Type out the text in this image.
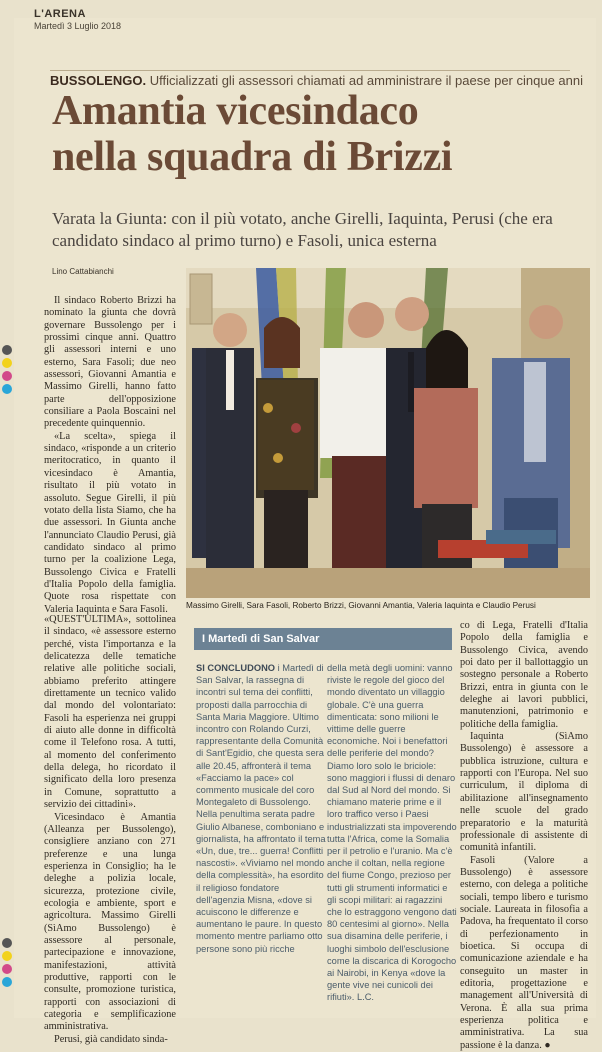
L'ARENA
Martedì 3 Luglio 2018
BUSSOLENGO. Ufficializzati gli assessori chiamati ad amministrare il paese per cinque anni
Amantia vicesindaco
nella squadra di Brizzi
Varata la Giunta: con il più votato, anche Girelli, Iaquinta, Perusi (che era candidato sindaco al primo turno) e Fasoli, unica esterna
Lino Cattabianchi

Il sindaco Roberto Brizzi ha nominato la giunta che dovrà governare Bussolengo per i prossimi cinque anni. Quattro gli assessori interni e uno esterno, Sara Fasoli; due neo assessori, Giovanni Amantia e Massimo Girelli, hanno fatto parte dell'opposizione consiliare a Paola Boscaini nel precedente quinquennio.

«La scelta», spiega il sindaco, «risponde a un criterio meritocratico, in quanto il vicesindaco è Amantia, risultato il più votato in assoluto. Segue Girelli, il più votato della lista Siamo, che ha due assessori. In Giunta anche l'annunciato Claudio Perusi, già candidato sindaco al primo turno per la coalizione Lega, Bussolengo Civica e Fratelli d'Italia Popolo della famiglia. Quote rosa rispettate con Valeria Iaquinta e Sara Fasoli.

«QUEST'ULTIMA», sottolinea il sindaco, «è assessore esterno perché, vista l'importanza e la delicatezza delle tematiche relative alle politiche sociali, abbiamo preferito attingere direttamente un tecnico valido dal mondo del volontariato: Fasoli ha esperienza nei gruppi di aiuto alle donne in difficoltà come il Telefono rosa. A tutti, al momento del conferimento della delega, ho ricordato il significato della loro presenza in Comune, soprattutto a servizio dei cittadini».

Vicesindaco è Amantia (Alleanza per Bussolengo), consigliere anziano con 271 preferenze e una lunga esperienza in Consiglio; ha le deleghe a polizia locale, sicurezza, protezione civile, ecologia e ambiente, sport e agricoltura. Massimo Girelli (SìAmo Bussolengo) è assessore al personale, partecipazione e innovazione, manifestazioni, attività produttive, rapporti con le consulte, promozione turistica, rapporti con associazioni di categoria e semplificazione amministrativa.

Perusi, già candidato sinda-

Massimo Girelli, Sara Fasoli, Roberto Brizzi, Giovanni Amantia, Valeria Iaquinta e Claudio Perusi
I Martedì di San Salvar

SI CONCLUDONO i Martedì di San Salvar, la rassegna di incontri sul tema dei conflitti, proposti dalla parrocchia di Santa Maria Maggiore. Ultimo incontro con Rolando Curzi, rappresentante della Comunità di Sant'Egidio, che questa sera alle 20.45, affronterà il tema «Facciamo la pace» col commento musicale del coro Montegaleto di Bussolengo. Nella penultima serata padre Giulio Albanese, comboniano e giornalista, ha affrontato il tema «Un, due, tre... guerra! Conflitti nascosti». «Viviamo nel mondo della complessità», ha esordito il religioso fondatore dell'agenzia Misna, «dove si acuiscono le differenze e aumentano le paure. In questo momento mentre parliamo otto persone sono più ricche

della metà degli uomini: vanno riviste le regole del gioco del mondo diventato un villaggio globale. C'è una guerra dimenticata: sono milioni le vittime delle guerre economiche. Noi i benefattori delle periferie del mondo? Diamo loro solo le briciole: sono maggiori i flussi di denaro dal Sud al Nord del mondo. Si chiamano materie prime e il loro traffico verso i Paesi industrializzati sta impoverendo tutta l'Africa, come la Somalia per il petrolio e l'uranio. Ma c'è anche il coltan, nella regione del fiume Congo, prezioso per tutti gli strumenti informatici e gli scopi militari: ai ragazzini che lo estraggono vengono dati 80 centesimi al giorno». Nella sua disamina delle periferie, i luoghi simbolo dell'esclusione come la discarica di Korogocho ai Nairobi, in Kenya «dove la gente vive nei cunicoli dei rifiuti». L.C.

co di Lega, Fratelli d'Italia Popolo della famiglia e Bussolengo Civica, avendo poi dato per il ballottaggio un sostegno personale a Roberto Brizzi, entra in giunta con le deleghe ai lavori pubblici, manutenzioni, patrimonio e politiche della famiglia.

Iaquinta (SìAmo Bussolengo) è assessore a pubblica istruzione, cultura e rapporti con l'Europa. Nel suo curriculum, il diploma di abilitazione all'insegnamento nelle scuole del grado preparatorio e la maturità professionale di assistente di comunità infantili.

Fasoli (Valore a Bussolengo) è assessore esterno, con delega a politiche sociali, tempo libero e turismo sociale. Laureata in filosofia a Padova, ha frequentato il corso di perfezionamento in bioetica. Si occupa di comunicazione aziendale e ha conseguito un master in editoria, progettazione e management all'Università di Verona. È alla sua prima esperienza politica e amministrativa. La sua passione è la danza. ●
